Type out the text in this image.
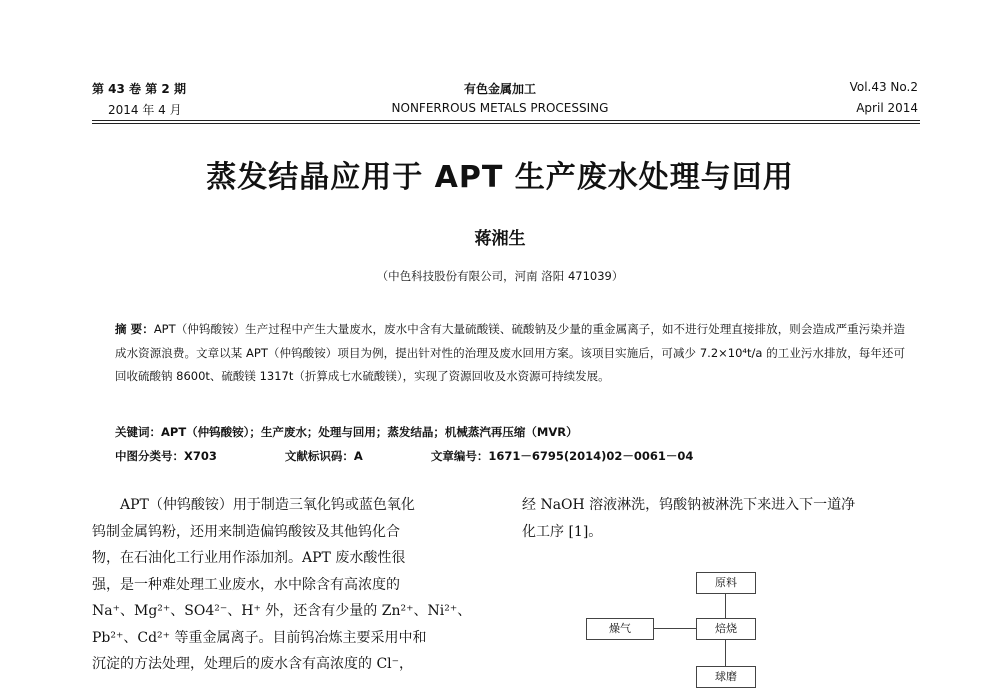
第 43 卷 第 2 期
2014 年 4 月
有色金属加工
NONFERROUS METALS PROCESSING
Vol.43 No.2
April 2014
蒸发结晶应用于 APT 生产废水处理与回用
蒋湘生
（中色科技股份有限公司，河南 洛阳 471039）
摘 要：APT（仲钨酸铵）生产过程中产生大量废水，废水中含有大量硫酸镁、硫酸钠及少量的重金属离子，如不进行处理直接排放，则会造成严重污染并造成水资源浪费。文章以某 APT（仲钨酸铵）项目为例，提出针对性的治理及废水回用方案。该项目实施后，可减少 7.2×10⁴t/a 的工业污水排放，每年还可回收硫酸钠 8600t、硫酸镁 1317t（折算成七水硫酸镁），实现了资源回收及水资源可持续发展。
关键词：APT（仲钨酸铵）；生产废水；处理与回用；蒸发结晶；机械蒸汽再压缩（MVR）
中图分类号：X703	文献标识码：A	文章编号：1671－6795(2014)02－0061－04
APT（仲钨酸铵）用于制造三氧化钨或蓝色氧化
钨制金属钨粉，还用来制造偏钨酸铵及其他钨化合
物，在石油化工行业用作添加剂。APT 废水酸性很
强，是一种难处理工业废水，水中除含有高浓度的
Na⁺、Mg²⁺、SO4²⁻、H⁺ 外，还含有少量的 Zn²⁺、Ni²⁺、
Pb²⁺、Cd²⁺ 等重金属离子。目前钨冶炼主要采用中和
沉淀的方法处理，处理后的废水含有高浓度的 Cl⁻，
经 NaOH 溶液淋洗，钨酸钠被淋洗下来进入下一道净
化工序 [1]。
原料
燥气	焙烧
球磨
